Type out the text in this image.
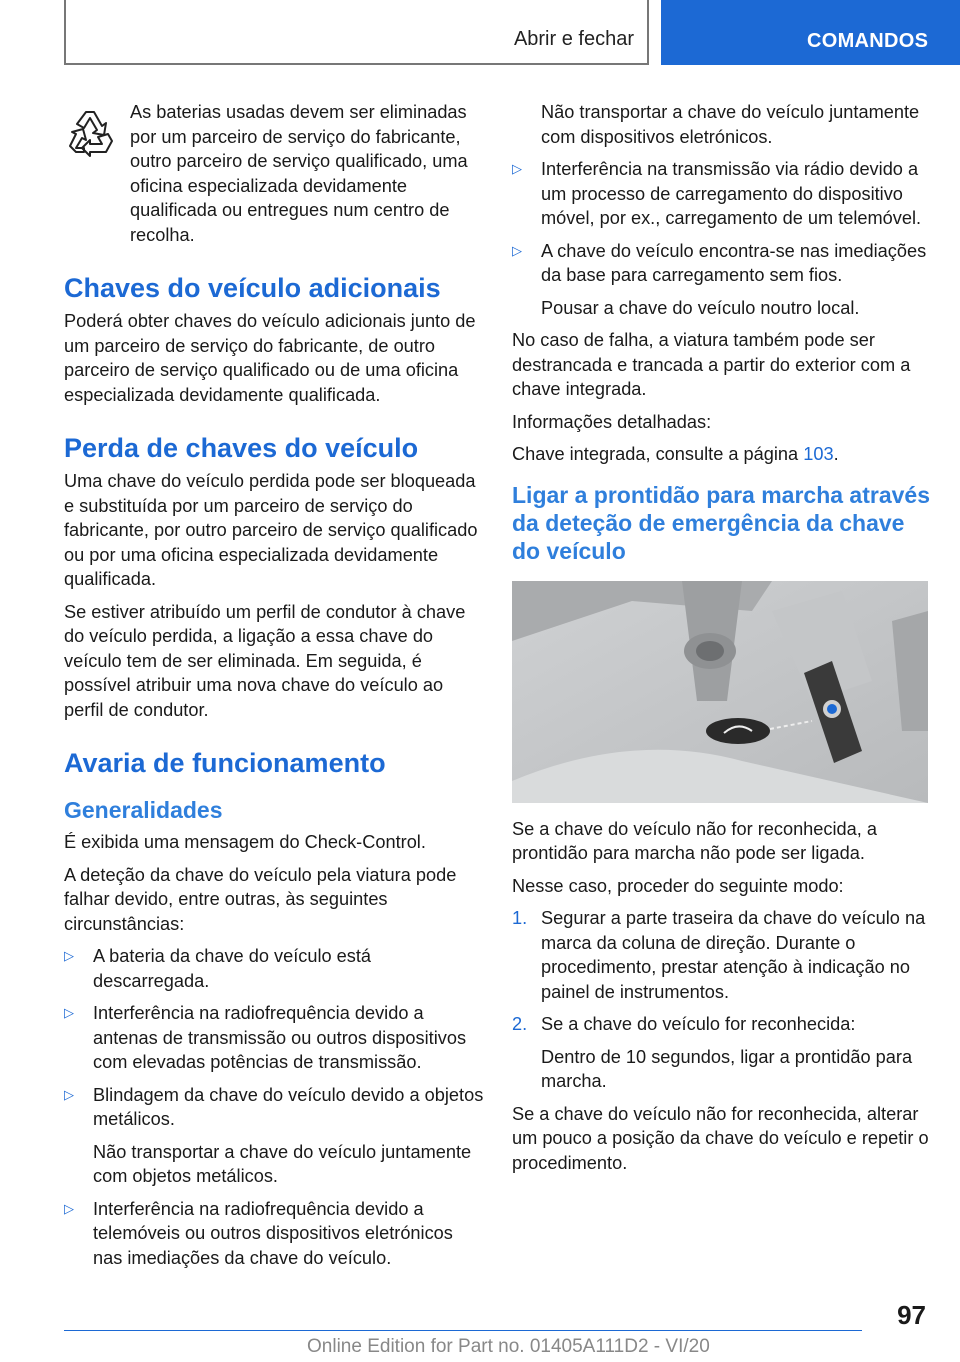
Abrir e fechar	COMANDOS

As baterias usadas devem ser eliminadas por um parceiro de serviço do fabricante, outro parceiro de serviço qualificado, uma oficina especializada devidamente qualificada ou entregues num centro de recolha.

Chaves do veículo adicionais

Poderá obter chaves do veículo adicionais junto de um parceiro de serviço do fabricante, de outro parceiro de serviço qualificado ou de uma oficina especializada devidamente qualificada.

Perda de chaves do veículo

Uma chave do veículo perdida pode ser bloqueada e substituída por um parceiro de serviço do fabricante, por outro parceiro de serviço qualificado ou por uma oficina especializada devidamente qualificada.

Se estiver atribuído um perfil de condutor à chave do veículo perdida, a ligação a essa chave do veículo tem de ser eliminada. Em seguida, é possível atribuir uma nova chave do veículo ao perfil de condutor.

Avaria de funcionamento
Generalidades

É exibida uma mensagem do Check-Control.

A deteção da chave do veículo pela viatura pode falhar devido, entre outras, às seguintes circunstâncias:

▷ A bateria da chave do veículo está descarregada.
▷ Interferência na radiofrequência devido a antenas de transmissão ou outros dispositivos com elevadas potências de transmissão.
▷ Blindagem da chave do veículo devido a objetos metálicos.

Não transportar a chave do veículo juntamente com objetos metálicos.

▷ Interferência na radiofrequência devido a telemóveis ou outros dispositivos eletrónicos nas imediações da chave do veículo.

Não transportar a chave do veículo juntamente com dispositivos eletrónicos.

▷ Interferência na transmissão via rádio devido a um processo de carregamento do dispositivo móvel, por ex., carregamento de um telemóvel.
▷ A chave do veículo encontra-se nas imediações da base para carregamento sem fios.

Pousar a chave do veículo noutro local.

No caso de falha, a viatura também pode ser destrancada e trancada a partir do exterior com a chave integrada.

Informações detalhadas:

Chave integrada, consulte a página 103.

Ligar a prontidão para marcha através da deteção de emergência da chave do veículo

Se a chave do veículo não for reconhecida, a prontidão para marcha não pode ser ligada.

Nesse caso, proceder do seguinte modo:

1. Segurar a parte traseira da chave do veículo na marca da coluna de direção. Durante o procedimento, prestar atenção à indicação no painel de instrumentos.
2. Se a chave do veículo for reconhecida:

Dentro de 10 segundos, ligar a prontidão para marcha.

Se a chave do veículo não for reconhecida, alterar um pouco a posição da chave do veículo e repetir o procedimento.

97
Online Edition for Part no. 01405A111D2 - VI/20
